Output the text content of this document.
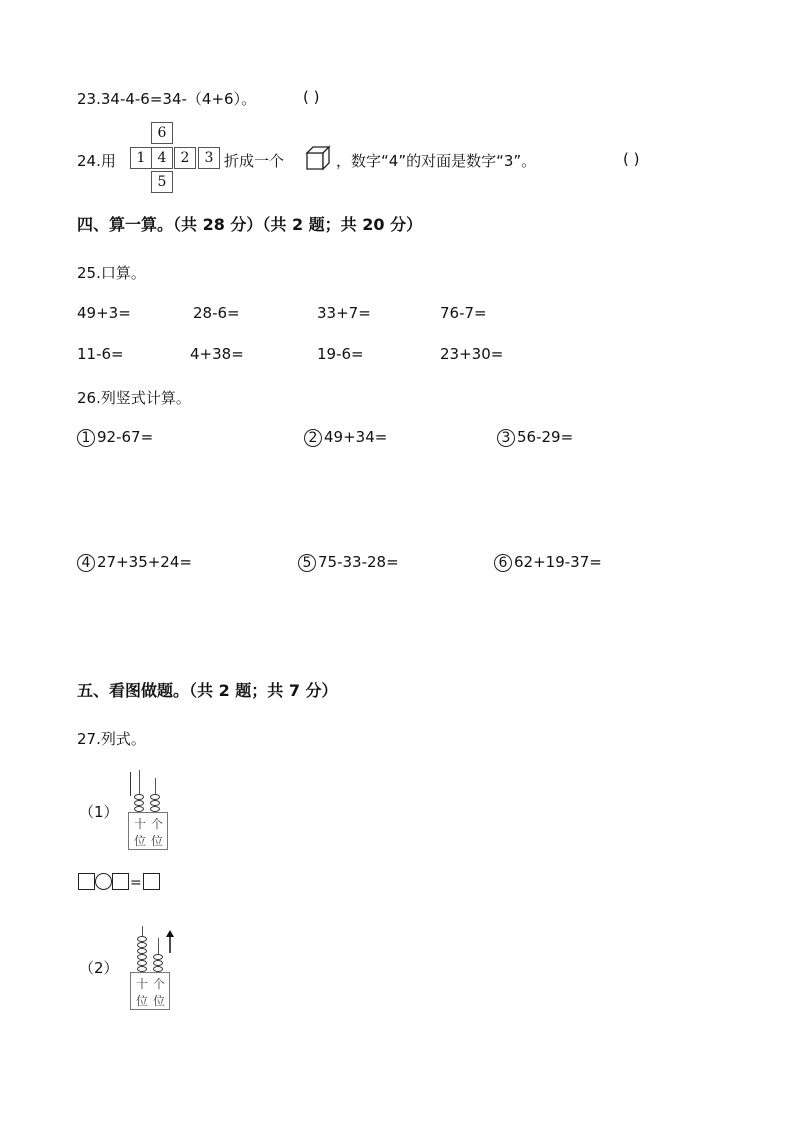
23.34-4-6=34-（4+6）。	( )
24.用
6
1 4	2	3
5
折成一个	，数字“4”的对面是数字“3”。	( )
四、算一算。（共 28 分）（共 2 题；共 20 分）
25.口算。
49+3=	28-6=	33+7=	76-7=
11-6=	4+38=	19-6=	23+30=
26.列竖式计算。
1 92-67=	2 49+34=	3 56-29=
4 27+35+24=	5 75-33-28=	6 62+19-37=
五、看图做题。（共 2 题；共 7 分）
27.列式。
（1）
十 个
位 位
=
（2）
十 个
位 位
